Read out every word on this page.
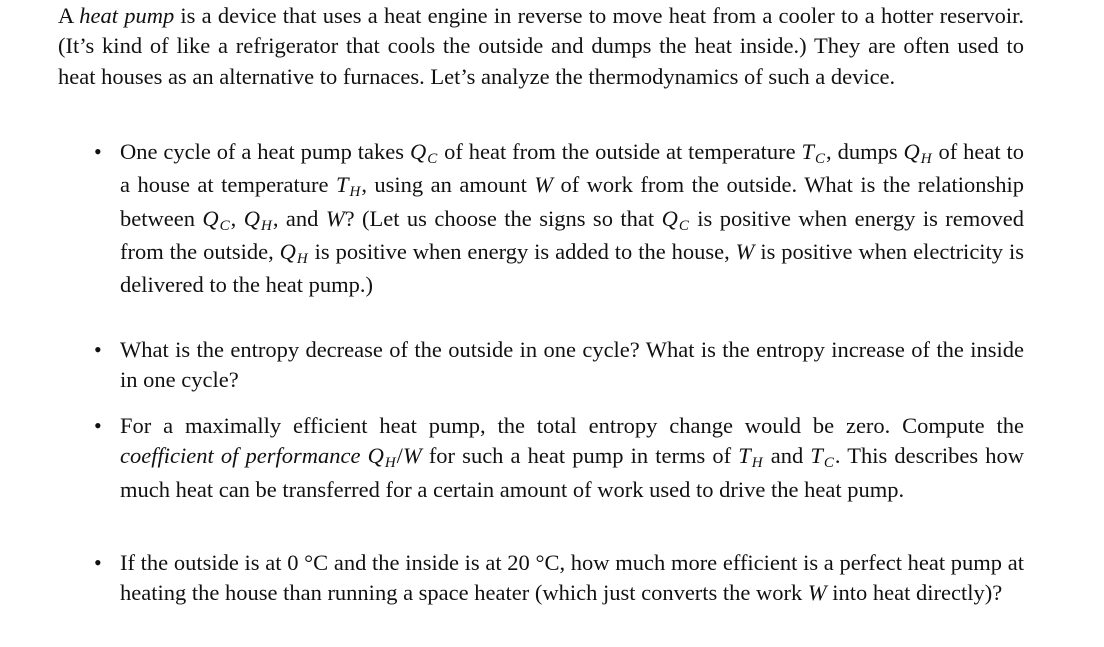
A heat pump is a device that uses a heat engine in reverse to move heat from a cooler to a hotter reservoir. (It’s kind of like a refrigerator that cools the outside and dumps the heat inside.) They are often used to heat houses as an alternative to furnaces. Let’s analyze the thermodynamics of such a device.

• One cycle of a heat pump takes QC of heat from the outside at temperature TC, dumps QH of heat to a house at temperature TH, using an amount W of work from the outside. What is the relationship between QC, QH, and W? (Let us choose the signs so that QC is positive when energy is removed from the outside, QH is positive when energy is added to the house, W is positive when electricity is delivered to the heat pump.)
• What is the entropy decrease of the outside in one cycle? What is the entropy increase of the inside in one cycle?
• For a maximally efficient heat pump, the total entropy change would be zero. Compute the coefficient of performance QH/W for such a heat pump in terms of TH and TC. This describes how much heat can be transferred for a certain amount of work used to drive the heat pump.
• If the outside is at 0 °C and the inside is at 20 °C, how much more efficient is a perfect heat pump at heating the house than running a space heater (which just converts the work W into heat directly)?
